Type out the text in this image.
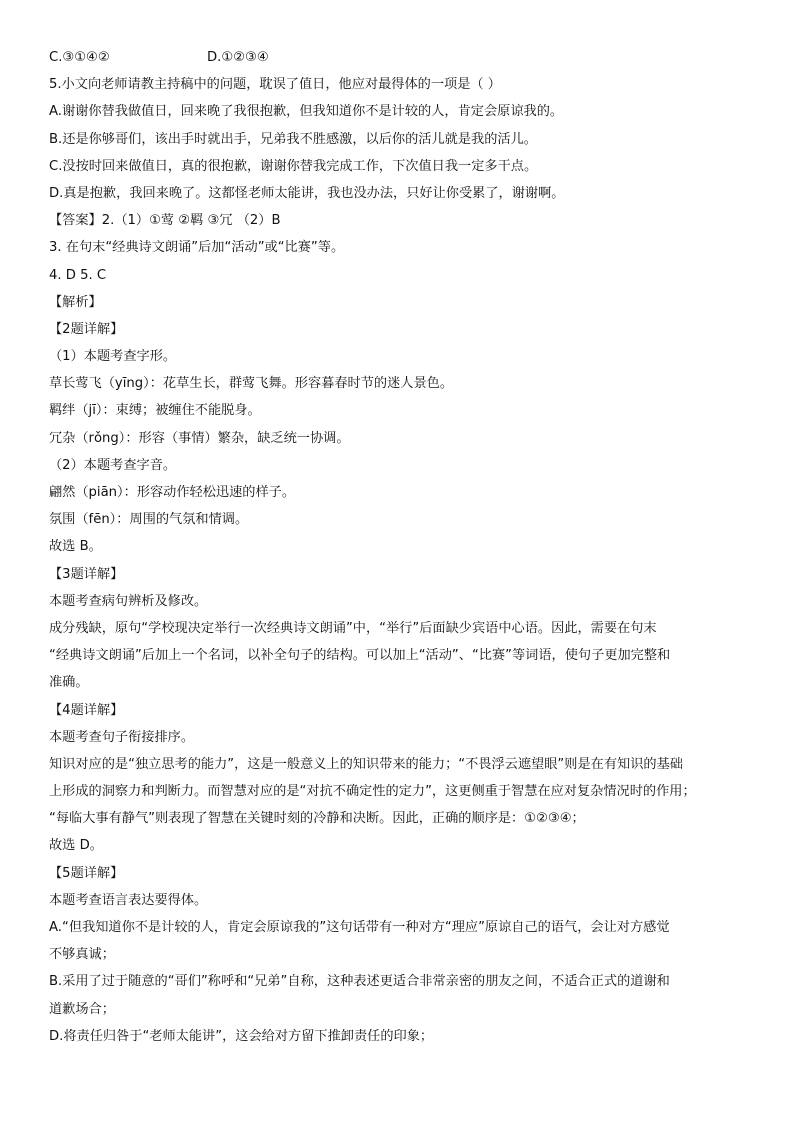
C.③①④②	D.①②③④
5.小文向老师请教主持稿中的问题，耽误了值日，他应对最得体的一项是（ ）
A.谢谢你替我做值日，回来晚了我很抱歉，但我知道你不是计较的人，肯定会原谅我的。
B.还是你够哥们，该出手时就出手，兄弟我不胜感激，以后你的活儿就是我的活儿。
C.没按时回来做值日，真的很抱歉，谢谢你替我完成工作，下次值日我一定多干点。
D.真是抱歉，我回来晚了。这都怪老师太能讲，我也没办法，只好让你受累了，谢谢啊。
【答案】2.（1）①莺 ②羁 ③冗 （2）B
3. 在句末“经典诗文朗诵”后加“活动”或“比赛”等。
4. D 5. C
【解析】
【2题详解】
（1）本题考查字形。
草长莺飞（yīng）：花草生长，群莺飞舞。形容暮春时节的迷人景色。
羁绊（jī）：束缚；被缠住不能脱身。
冗杂（rǒng）：形容（事情）繁杂，缺乏统一协调。
（2）本题考查字音。
翩然（piān）：形容动作轻松迅速的样子。
氛围（fēn）：周围的气氛和情调。
故选 B。
【3题详解】
本题考查病句辨析及修改。
成分残缺，原句“学校现决定举行一次经典诗文朗诵”中，“举行”后面缺少宾语中心语。因此，需要在句末
“经典诗文朗诵”后加上一个名词，以补全句子的结构。可以加上“活动”、“比赛”等词语，使句子更加完整和
准确。
【4题详解】
本题考查句子衔接排序。
知识对应的是“独立思考的能力”，这是一般意义上的知识带来的能力；“不畏浮云遮望眼”则是在有知识的基础
上形成的洞察力和判断力。而智慧对应的是“对抗不确定性的定力”，这更侧重于智慧在应对复杂情况时的作用；
“每临大事有静气”则表现了智慧在关键时刻的冷静和决断。因此，正确的顺序是：①②③④；
故选 D。
【5题详解】
本题考查语言表达要得体。
A.“但我知道你不是计较的人，肯定会原谅我的”这句话带有一种对方“理应”原谅自己的语气，会让对方感觉
不够真诚；
B.采用了过于随意的“哥们”称呼和“兄弟”自称，这种表述更适合非常亲密的朋友之间，不适合正式的道谢和
道歉场合；
D.将责任归咎于“老师太能讲”，这会给对方留下推卸责任的印象；
